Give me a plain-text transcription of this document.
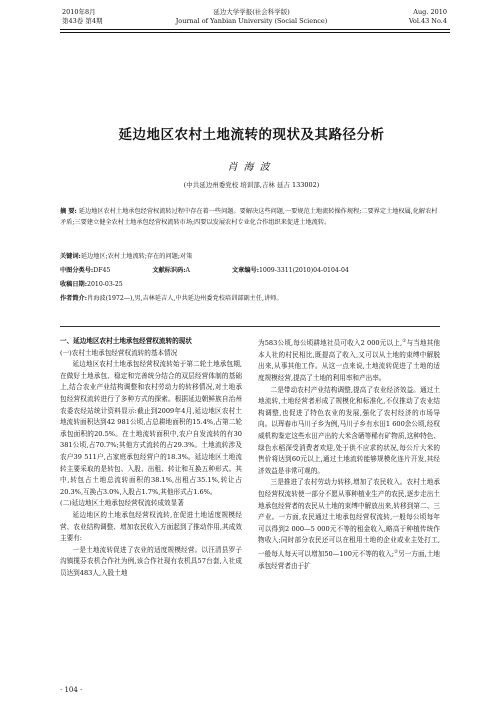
2010年8月
第43卷 第4期
延边大学学报(社会科学版)
Journal of Yanbian University (Social Science)
Aug. 2010
Vol.43 No.4
延边地区农村土地流转的现状及其路径分析
肖海波
(中共延边州委党校 培训部,吉林 延吉 133002)
摘 要: 延边地区农村土地承包经营权流转过程中存在着一些问题。要解决这些问题,一要规范土地流转操作规程;二要界定土地权属,化解农村矛盾;三要建立健全农村土地承包经营权流转市场;四要以发展农村专业化合作组织来促进土地流转。
关键词:延边地区;农村土地流转;存在的问题;对策
中图分类号:DF45	文献标识码:A	文章编号:1009-3311(2010)04-0104-04
收稿日期:2010-03-25
作者简介:肖海波(1972—),男,吉林延吉人,中共延边州委党校培训部副主任,讲师。

一、延边地区农村土地承包经营权流转的现状

(一)农村土地承包经营权流转的基本情况

延边地区农村土地承包经营权流转始于第二轮土地承包期,在做好土地承包、稳定和完善统分结合的双层经营体制的基础上,结合农业产业结构调整和农村劳动力的转移情况,对土地承包经营权流转进行了多种方式的探索。根据延边朝鲜族自治州农委农经站统计资料显示:截止到2009年4月,延边地区农村土地流转面积达到42 981公顷,占总耕地面积的15.4%,占第二轮承包面积的20.5%。在土地流转面积中,农户自发流转的有30 381公顷,占70.7%;其他方式流转的占29.3%。土地流转涉及农户39 511户,占家庭承包经营户的18.3%。延边地区土地流转主要采取的是转包、入股、出租、转让和互换五种形式。其中,转包占土地总流转面积的38.1%,出租占35.1%,转让占20.3%,互换占3.0%,入股占1.7%,其他形式占1.6%。

(二)延边地区土地承包经营权流转成效显著

延边地区的土地承包经营权流转,在促进土地适度规模经营、农业结构调整、增加农民收入方面起到了推动作用,其成效主要有:

一是土地流转促进了农业的适度规模经营。以汪清县罗子沟镇揽芬农机合作社为例,该合作社现有农机具57台套,入社成员达到483人,入股土地

为583公顷,每公顷耕地社员可收入2 000元以上,①与当地其他本人社的村民相比,既提高了收入,又可以从土地的束缚中解脱出来,从事其他工作。从这一点来说,土地流转促进了土地的适度规模经营,提高了土地的利用率和产出率。

二是带动农村产业结构调整,提高了农业经济效益。通过土地流转,土地经营者形成了规模化和标准化,不仅推动了农业结构调整,也促进了特色农业的发展,强化了农村经济的市场导向。以珲春市马川子乡为例,马川子乡有水田1 600余公顷,经权威机构鉴定这些水田产出的大米含硒等稀有矿物质,这种特色、绿色水稻深受消费者欢迎,处于供不应求的状况,每公斤大米的售价将达到60元以上,通过土地流转能够规模化连片开发,其经济效益是非常可观的。

三是推进了农村劳动力转移,增加了农民收入。农村土地承包经营权流转使一部分不愿从事种植业生产的农民,逐步走出土地承包经营者的农民从土地的束缚中解放出来,转移到第二、三产业。一方面,农民通过土地承包经营权流转,一般每公顷每年可以得到2 000—5 000元不等的租金收入,略高于种植传统作物收入;同时部分农民还可以在租用土地的企业或业主处打工,一般每人每天可以增加50—100元不等的收入;②另一方面,土地承包经营者由于扩

· 104 ·
